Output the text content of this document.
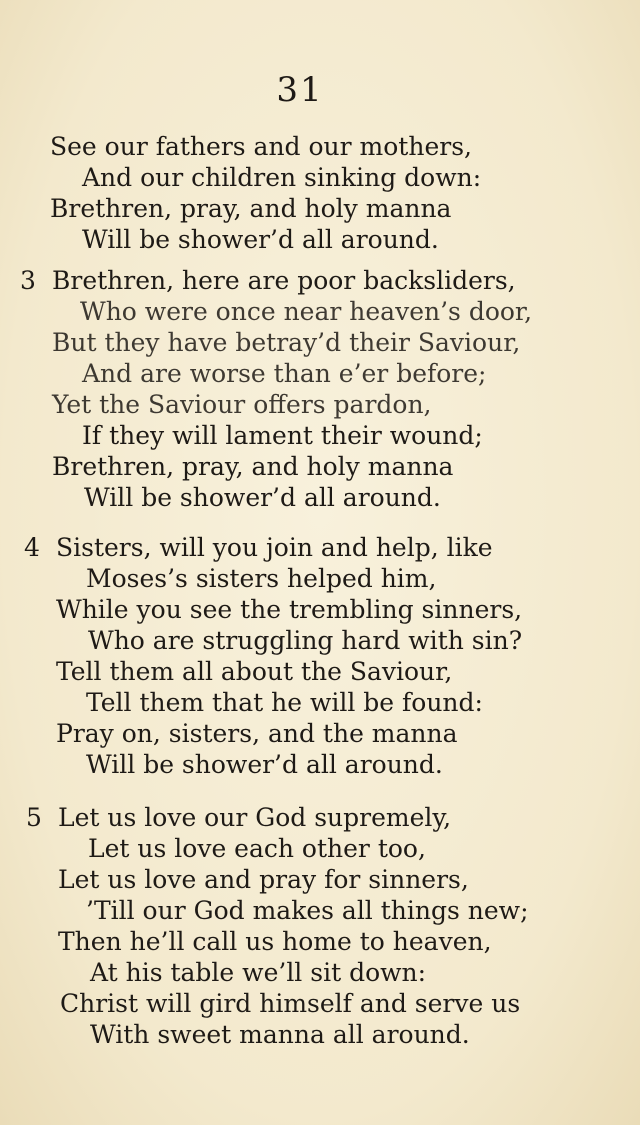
31
See our fathers and our mothers,
And our children sinking down:
Brethren, pray, and holy manna
Will be shower’d all around.
3 Brethren, here are poor backsliders,
Who were once near heaven’s door,
But they have betray’d their Saviour,
And are worse than e’er before;
Yet the Saviour offers pardon,
If they will lament their wound;
Brethren, pray, and holy manna
Will be shower’d all around.
4 Sisters, will you join and help, like
Moses’s sisters helped him,
While you see the trembling sinners,
Who are struggling hard with sin?
Tell them all about the Saviour,
Tell them that he will be found:
Pray on, sisters, and the manna
Will be shower’d all around.
5 Let us love our God supremely,
Let us love each other too,
Let us love and pray for sinners,
’Till our God makes all things new;
Then he’ll call us home to heaven,
At his table we’ll sit down:
Christ will gird himself and serve us
With sweet manna all around.
